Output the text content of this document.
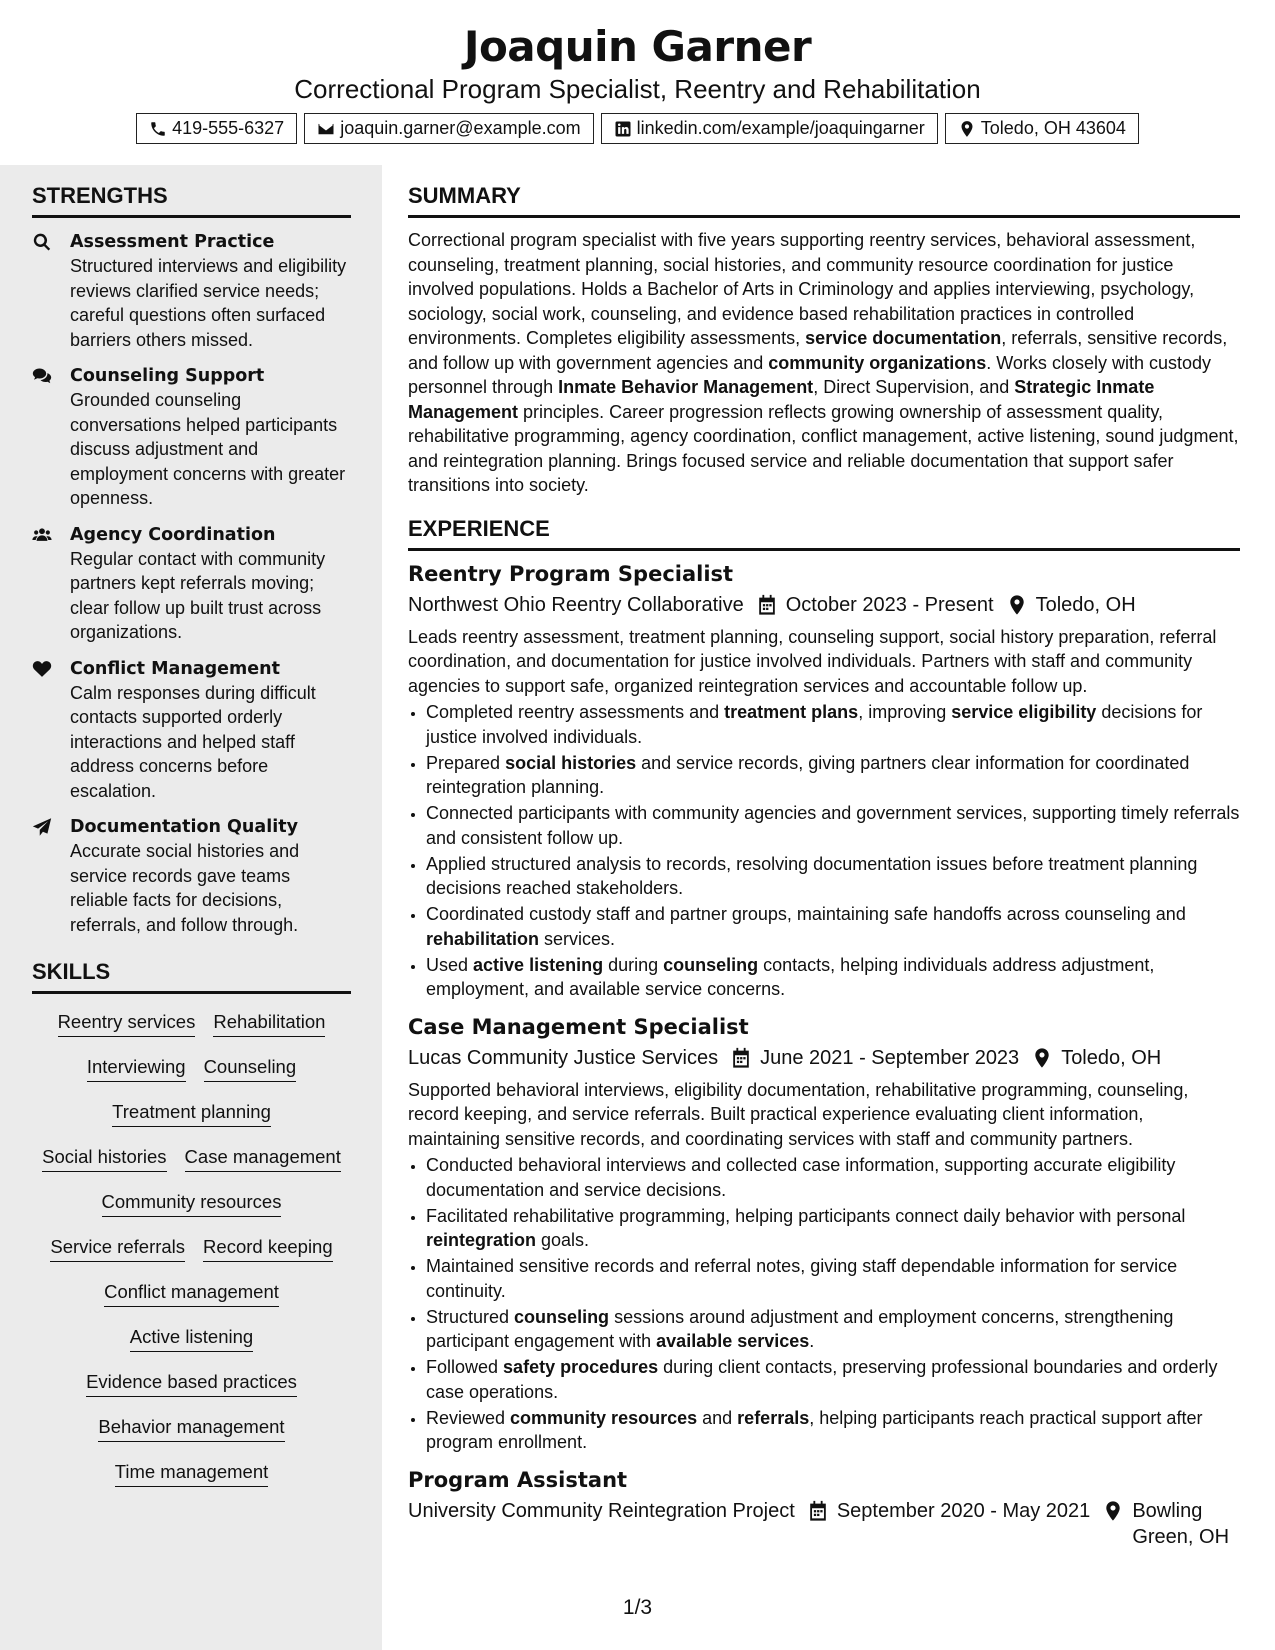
Joaquin Garner
Correctional Program Specialist, Reentry and Rehabilitation
419-555-6327	joaquin.garner@example.com	linkedin.com/example/joaquingarner	Toledo, OH 43604
STRENGTHS
Assessment Practice
Structured interviews and eligibility reviews clarified service needs; careful questions often surfaced barriers others missed.
Counseling Support
Grounded counseling conversations helped participants discuss adjustment and employment concerns with greater openness.
Agency Coordination
Regular contact with community partners kept referrals moving; clear follow up built trust across organizations.
Conflict Management
Calm responses during difficult contacts supported orderly interactions and helped staff address concerns before escalation.
Documentation Quality
Accurate social histories and service records gave teams reliable facts for decisions, referrals, and follow through.
SKILLS
Reentry services Rehabilitation
Interviewing Counseling
Treatment planning
Social histories Case management
Community resources
Service referrals Record keeping
Conflict management
Active listening
Evidence based practices
Behavior management
Time management
SUMMARY

Correctional program specialist with five years supporting reentry services, behavioral assessment, counseling, treatment planning, social histories, and community resource coordination for justice involved populations. Holds a Bachelor of Arts in Criminology and applies interviewing, psychology, sociology, social work, counseling, and evidence based rehabilitation practices in controlled environments. Completes eligibility assessments, service documentation, referrals, sensitive records, and follow up with government agencies and community organizations. Works closely with custody personnel through Inmate Behavior Management, Direct Supervision, and Strategic Inmate Management principles. Career progression reflects growing ownership of assessment quality, rehabilitative programming, agency coordination, conflict management, active listening, sound judgment, and reintegration planning. Brings focused service and reliable documentation that support safer transitions into society.

EXPERIENCE
Reentry Program Specialist
Northwest Ohio Reentry Collaborative October 2023 - Present Toledo, OH

Leads reentry assessment, treatment planning, counseling support, social history preparation, referral coordination, and documentation for justice involved individuals. Partners with staff and community agencies to support safe, organized reintegration services and accountable follow up.

• Completed reentry assessments and treatment plans, improving service eligibility decisions for justice involved individuals.
• Prepared social histories and service records, giving partners clear information for coordinated reintegration planning.
• Connected participants with community agencies and government services, supporting timely referrals and consistent follow up.
• Applied structured analysis to records, resolving documentation issues before treatment planning decisions reached stakeholders.
• Coordinated custody staff and partner groups, maintaining safe handoffs across counseling and rehabilitation services.
• Used active listening during counseling contacts, helping individuals address adjustment, employment, and available service concerns.
Case Management Specialist
Lucas Community Justice Services June 2021 - September 2023 Toledo, OH

Supported behavioral interviews, eligibility documentation, rehabilitative programming, counseling, record keeping, and service referrals. Built practical experience evaluating client information, maintaining sensitive records, and coordinating services with staff and community partners.

• Conducted behavioral interviews and collected case information, supporting accurate eligibility documentation and service decisions.
• Facilitated rehabilitative programming, helping participants connect daily behavior with personal reintegration goals.
• Maintained sensitive records and referral notes, giving staff dependable information for service continuity.
• Structured counseling sessions around adjustment and employment concerns, strengthening participant engagement with available services.
• Followed safety procedures during client contacts, preserving professional boundaries and orderly case operations.
• Reviewed community resources and referrals, helping participants reach practical support after program enrollment.
Program Assistant
University Community Reintegration Project September 2020 - May 2021 Bowling Green, OH
1/3
